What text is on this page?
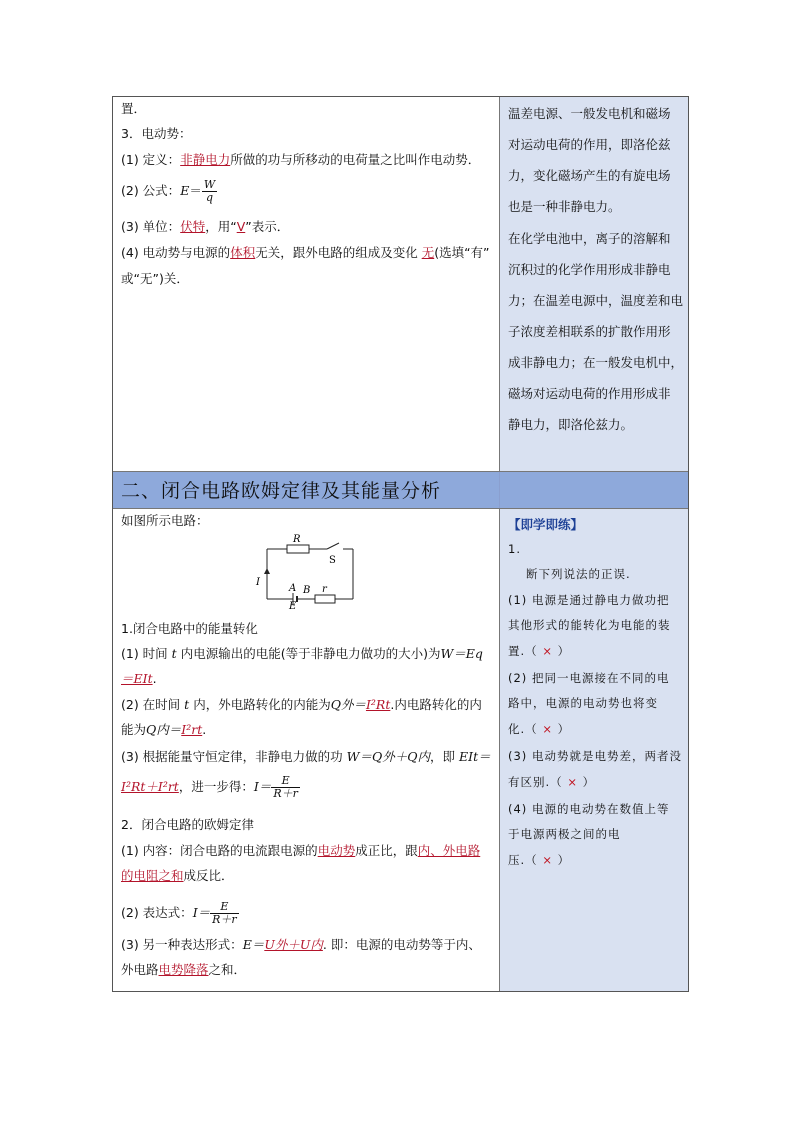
置．
3．电动势：
(1) 定义：非静电力所做的功与所移动的电荷量之比叫作电动势．
(2) 公式：$E= \frac{W}{q}$
(3) 单位：伏特，用“V”表示．
(4) 电动势与电源的体积无关，跟外电路的组成及变化 无(选填“有”
或“无”)关．
温差电源、一般发电机和磁场
对运动电荷的作用，即洛伦兹
力，变化磁场产生的有旋电场
也是一种非静电力。
在化学电池中，离子的溶解和
沉积过的化学作用形成非静电
力；在温差电源中，温度差和电
子浓度差相联系的扩散作用形
成非静电力；在一般发电机中，
磁场对运动电荷的作用形成非
静电力，即洛伦兹力。
二、闭合电路欧姆定律及其能量分析
如图所示电路：
R
S
I
A B
E
r
1.闭合电路中的能量转化
(1) 时间 t 内电源输出的电能(等于非静电力做功的大小)为W＝Eq
＝EIt.
(2) 在时间 t 内，外电路转化的内能为Q外＝I²Rt.内电路转化的内
能为Q内＝I²rt.
(3) 根据能量守恒定律，非静电力做的功 W＝Q外＋Q内，即 EIt＝
I²Rt＋I²rt，进一步得：$I= \frac{E}{R+r}$
2．闭合电路的欧姆定律
(1) 内容：闭合电路的电流跟电源的电动势成正比，跟内、外电路
的电阻之和成反比．
(2) 表达式：$I= \frac{E}{R+r}$
(3) 另一种表达形式：E＝U外＋U内. 即：电源的电动势等于内、
外电路电势降落之和．
【即学即练】
1.
断下列说法的正误.
(1) 电源是通过静电力做功把
其他形式的能转化为电能的装
置.（ × ）
(2) 把同一电源接在不同的电
路中，电源的电动势也将变
化.（ × ）
(3) 电动势就是电势差，两者没
有区别.（ × ）
(4) 电源的电动势在数值上等
于电源两极之间的电
压.（ × ）
